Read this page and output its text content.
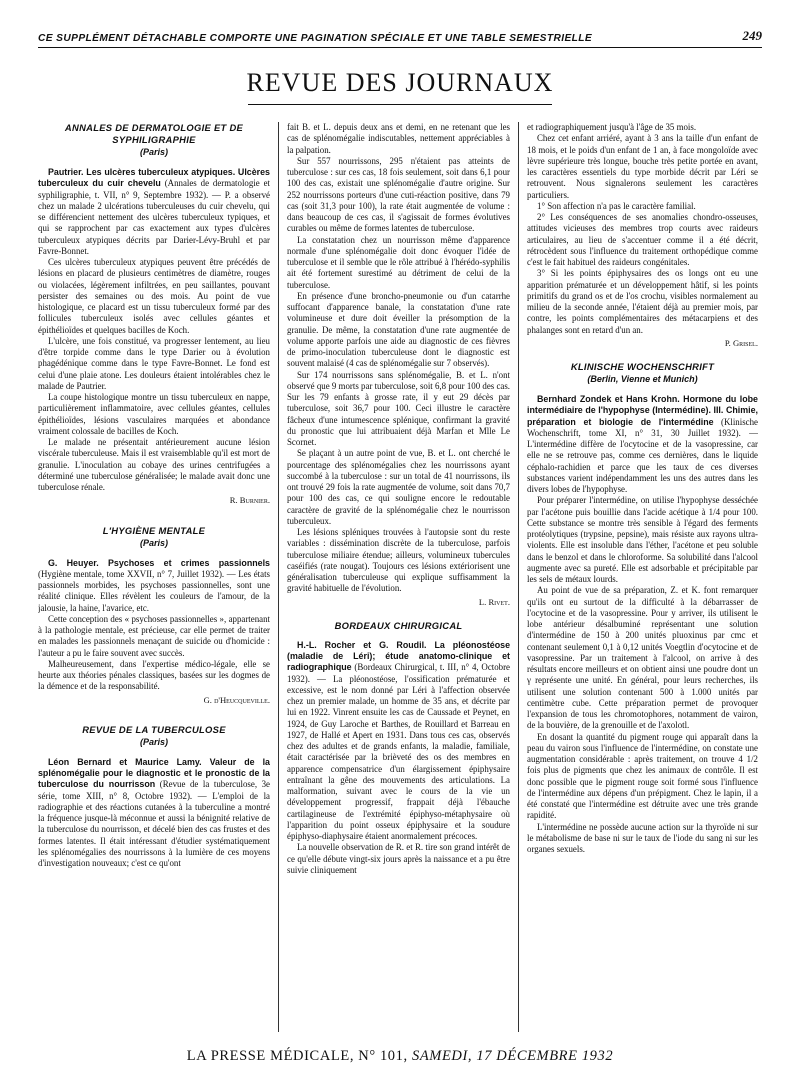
CE SUPPLÉMENT DÉTACHABLE COMPORTE UNE PAGINATION SPÉCIALE ET UNE TABLE SEMESTRIELLE	249
REVUE DES JOURNAUX
ANNALES DE DERMATOLOGIE ET DE SYPHILIGRAPHIE
(Paris)

Pautrier. Les ulcères tuberculeux atypiques. Ulcères tuberculeux du cuir chevelu (Annales de dermatologie et syphiligraphie, t. VII, n° 9, Septembre 1932). — P. a observé chez un malade 2 ulcérations tuberculeuses du cuir chevelu, qui se différencient nettement des ulcères tuberculeux typiques, et qui se rapprochent par cas exactement aux types d'ulcères tuberculeux atypiques décrits par Darier-Lévy-Bruhl et par Favre-Bonnet.

Ces ulcères tuberculeux atypiques peuvent être précédés de lésions en placard de plusieurs centimètres de diamètre, rouges ou violacées, légèrement infiltrées, en peu saillantes, pouvant persister des semaines ou des mois. Au point de vue histologique, ce placard est un tissu tuberculeux formé par des follicules tuberculeux isolés avec cellules géantes et épithélioïdes et quelques bacilles de Koch.

L'ulcère, une fois constitué, va progresser lentement, au lieu d'être torpide comme dans le type Darier ou à évolution phagédénique comme dans le type Favre-Bonnet. Le fond est celui d'une plaie atone. Les douleurs étaient intolérables chez le malade de Pautrier.

La coupe histologique montre un tissu tuberculeux en nappe, particulièrement inflammatoire, avec cellules géantes, cellules épithélioïdes, lésions vasculaires marquées et abondance vraiment colossale de bacilles de Koch.

Le malade ne présentait antérieurement aucune lésion viscérale tuberculeuse. Mais il est vraisemblable qu'il est mort de granulie. L'inoculation au cobaye des urines centrifugées a déterminé une tuberculose généralisée; le malade avait donc une tuberculose rénale.

R. Burnier.
L'HYGIÈNE MENTALE
(Paris)

G. Heuyer. Psychoses et crimes passionnels (Hygiène mentale, tome XXVII, n° 7, Juillet 1932). — Les états passionnels morbides, les psychoses passionnelles, sont une réalité clinique. Elles révèlent les couleurs de l'amour, de la jalousie, la haine, l'avarice, etc.

Cette conception des « psychoses passionnelles », appartenant à la pathologie mentale, est précieuse, car elle permet de traiter en malades les passionnels menaçant de suicide ou d'homicide : l'auteur a pu le faire souvent avec succès.

Malheureusement, dans l'expertise médico-légale, elle se heurte aux théories pénales classiques, basées sur les dogmes de la démence et de la responsabilité.

G. d'Heucqueville.
REVUE DE LA TUBERCULOSE
(Paris)

Léon Bernard et Maurice Lamy. Valeur de la splénomégalie pour le diagnostic et le pronostic de la tuberculose du nourrisson (Revue de la tuberculose, 3e série, tome XIII, n° 8, Octobre 1932). — L'emploi de la radiographie et des réactions cutanées à la tuberculine a montré la fréquence jusque-là méconnue et aussi la bénignité relative de la tuberculose du nourrisson, et décelé bien des cas frustes et des formes latentes. Il était intéressant d'étudier systématiquement les splénomégalies des nourrissons à la lumière de ces moyens d'investigation nouveaux; c'est ce qu'ont

fait B. et L. depuis deux ans et demi, en ne retenant que les cas de splénomégalie indiscutables, nettement appréciables à la palpation.

Sur 557 nourrissons, 295 n'étaient pas atteints de tuberculose : sur ces cas, 18 fois seulement, soit dans 6,1 pour 100 des cas, existait une splénomégalie d'autre origine. Sur 252 nourrissons porteurs d'une cuti-réaction positive, dans 79 cas (soit 31,3 pour 100), la rate était augmentée de volume : dans beaucoup de ces cas, il s'agissait de formes évolutives curables ou même de formes latentes de tuberculose.

La constatation chez un nourrisson même d'apparence normale d'une splénomégalie doit donc évoquer l'idée de tuberculose et il semble que le rôle attribué à l'hérédo-syphilis ait été fortement surestimé au détriment de celui de la tuberculose.

En présence d'une broncho-pneumonie ou d'un catarrhe suffocant d'apparence banale, la constatation d'une rate volumineuse et dure doit éveiller la présomption de la granulie. De même, la constatation d'une rate augmentée de volume apporte parfois une aide au diagnostic de ces fièvres de primo-inoculation tuberculeuse dont le diagnostic est souvent malaisé (4 cas de splénomégalie sur 7 observés).

Sur 174 nourrissons sans splénomégalie, B. et L. n'ont observé que 9 morts par tuberculose, soit 6,8 pour 100 des cas. Sur les 79 enfants à grosse rate, il y eut 29 décès par tuberculose, soit 36,7 pour 100. Ceci illustre le caractère fâcheux d'une intumescence splénique, confirmant la gravité du pronostic que lui attribuaient déjà Marfan et Mlle Le Scornet.

Se plaçant à un autre point de vue, B. et L. ont cherché le pourcentage des splénomégalies chez les nourrissons ayant succombé à la tuberculose : sur un total de 41 nourrissons, ils ont trouvé 29 fois la rate augmentée de volume, soit dans 70,7 pour 100 des cas, ce qui souligne encore le redoutable caractère de gravité de la splénomégalie chez le nourrisson tuberculeux.

Les lésions spléniques trouvées à l'autopsie sont du reste variables : dissémination discrète de la tuberculose, parfois tuberculose miliaire étendue; ailleurs, volumineux tubercules caséifiés (rate nougat). Toujours ces lésions extériorisent une généralisation tuberculeuse qui explique suffisamment la gravité habituelle de l'évolution.

L. Rivet.
BORDEAUX CHIRURGICAL

H.-L. Rocher et G. Roudil. La pléonostéose (maladie de Léri); étude anatomo-clinique et radiographique (Bordeaux Chirurgical, t. III, n° 4, Octobre 1932). — La pléonostéose, l'ossification prématurée et excessive, est le nom donné par Léri à l'affection observée chez un premier malade, un homme de 35 ans, et décrite par lui en 1922. Vinrent ensuite les cas de Caussade et Peynet, en 1924, de Guy Laroche et Barthes, de Rouillard et Barreau en 1927, de Hallé et Apert en 1931. Dans tous ces cas, observés chez des adultes et de grands enfants, la maladie, familiale, était caractérisée par la brièveté des os des membres en apparence compensatrice d'un élargissement épiphysaire entraînant la gêne des mouvements des articulations. La malformation, suivant avec le cours de la vie un développement progressif, frappait déjà l'ébauche cartilagineuse de l'extrémité épiphyso-métaphysaire où l'apparition du point osseux épiphysaire et la soudure épiphyso-diaphysaire étaient anormalement précoces.

La nouvelle observation de R. et R. tire son grand intérêt de ce qu'elle débute vingt-six jours après la naissance et a pu être suivie cliniquement

et radiographiquement jusqu'à l'âge de 35 mois.

Chez cet enfant arriéré, ayant à 3 ans la taille d'un enfant de 18 mois, et le poids d'un enfant de 1 an, à face mongoloïde avec lèvre supérieure très longue, bouche très petite portée en avant, les caractères essentiels du type morbide décrit par Léri se retrouvent. Nous signalerons seulement les caractères particuliers.

1° Son affection n'a pas le caractère familial.

2° Les conséquences de ses anomalies chondro-osseuses, attitudes vicieuses des membres trop courts avec raideurs articulaires, au lieu de s'accentuer comme il a été décrit, rétrocèdent sous l'influence du traitement orthopédique comme c'est le fait habituel des raideurs congénitales.

3° Si les points épiphysaires des os longs ont eu une apparition prématurée et un développement hâtif, si les points primitifs du grand os et de l'os crochu, visibles normalement au milieu de la seconde année, l'étaient déjà au premier mois, par contre, les points complémentaires des métacarpiens et des phalanges sont en retard d'un an.

P. Grisel.
KLINISCHE WOCHENSCHRIFT
(Berlin, Vienne et Munich)

Bernhard Zondek et Hans Krohn. Hormone du lobe intermédiaire de l'hypophyse (Intermédine). III. Chimie, préparation et biologie de l'intermédine (Klinische Wochenschrift, tome XI, n° 31, 30 Juillet 1932). — L'intermédine diffère de l'ocytocine et de la vasopressine, car elle ne se retrouve pas, comme ces dernières, dans le liquide céphalo-rachidien et parce que les taux de ces diverses substances varient indépendamment les uns des autres dans les divers lobes de l'hypophyse.

Pour préparer l'intermédine, on utilise l'hypophyse desséchée par l'acétone puis bouillie dans l'acide acétique à 1/4 pour 100. Cette substance se montre très sensible à l'égard des ferments protéolytiques (trypsine, pepsine), mais résiste aux rayons ultra-violents. Elle est insoluble dans l'éther, l'acétone et peu soluble dans le benzol et dans le chloroforme. Sa solubilité dans l'alcool augmente avec sa pureté. Elle est adsorbable et précipitable par les sels de métaux lourds.

Au point de vue de sa préparation, Z. et K. font remarquer qu'ils ont eu surtout de la difficulté à la débarrasser de l'ocytocine et de la vasopressine. Pour y arriver, ils utilisent le lobe antérieur désalbuminé représentant une solution d'intermédine de 150 à 200 unités pluoxinus par cmc et contenant seulement 0,1 à 0,12 unités Voegtlin d'ocytocine et de vasopressine. Par un traitement à l'alcool, on arrive à des résultats encore meilleurs et on obtient ainsi une poudre dont un γ représente une unité. En général, pour leurs recherches, ils utilisent une solution contenant 500 à 1.000 unités par centimètre cube. Cette préparation permet de provoquer l'expansion de tous les chromotophores, notamment de vairon, de la bouvière, de la grenouille et de l'axolotl.

En dosant la quantité du pigment rouge qui apparaît dans la peau du vairon sous l'influence de l'intermédine, on constate une augmentation considérable : après traitement, on trouve 4 1/2 fois plus de pigments que chez les animaux de contrôle. Il est donc possible que le pigment rouge soit formé sous l'influence de l'intermédine aux dépens d'un prépigment. Chez le lapin, il a été constaté que l'intermédine est détruite avec une très grande rapidité.

L'intermédine ne possède aucune action sur la thyroïde ni sur le métabolisme de base ni sur le taux de l'iode du sang ni sur les organes sexuels.

LA PRESSE MÉDICALE, N° 101, SAMEDI, 17 DÉCEMBRE 1932
